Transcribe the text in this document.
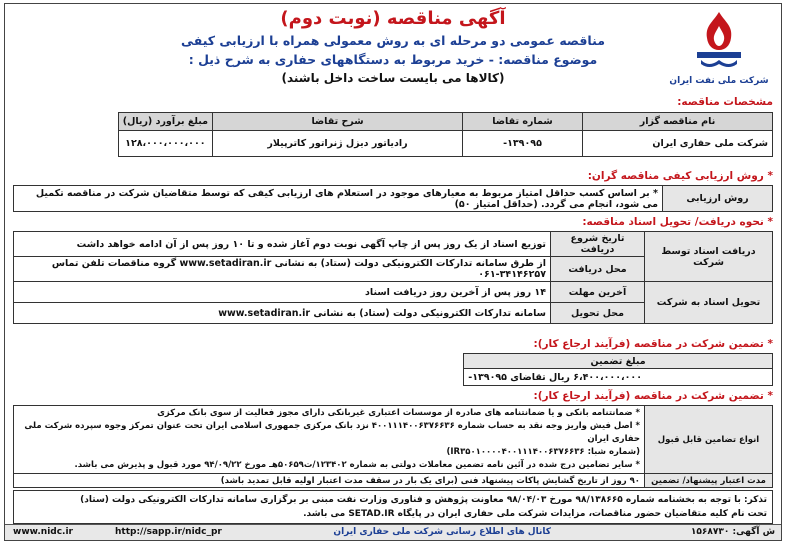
شرکت ملی نفت ایران
آگهی مناقصه (نوبت دوم)
مناقصه عمومی دو مرحله ای به روش معمولی همراه با ارزیابی کیفی
موضوع مناقصه: - خرید مربوط به دستگاههای حفاری به شرح ذیل :
(کالاها می بایست ساخت داخل باشند)
مشخصات مناقصه:
نام مناقصه گزار	شماره تقاضا	شرح تقاضا	مبلغ برآورد (ریال)
شرکت ملی حفاری ایران	۱۳۹۰۹۵-	رادیاتور دیزل ژنراتور کاترپیلار	۱۲۸،۰۰۰،۰۰۰،۰۰۰
* روش ارزیابی کیفی مناقصه گران:
روش ارزیابی	* بر اساس کسب حداقل امتیاز مربوط به معیارهای موجود در استعلام های ارزیابی کیفی که توسط متقاضیان شرکت در مناقصه تکمیل می شود، انجام می گردد. (حداقل امتیاز ۵۰)
* نحوه دریافت/ تحویل اسناد مناقصه:
دریافت اسناد توسط شرکت	تاریخ شروع دریافت	توزیع اسناد از یک روز پس از چاپ آگهی نوبت دوم آغاز شده و تا ۱۰ روز پس از آن ادامه خواهد داشت
	محل دریافت	از طرق سامانه تدارکات الکترونیکی دولت (ستاد) به نشانی www.setadiran.ir گروه مناقصات تلفن تماس ۳۴۱۴۶۲۵۷-۰۶۱
تحویل اسناد به شرکت	آخرین مهلت	۱۴ روز پس از آخرین روز دریافت اسناد
	محل تحویل	سامانه تدارکات الکترونیکی دولت (ستاد) به نشانی www.setadiran.ir
* تضمین شرکت در مناقصه (فرآیند ارجاع کار):
مبلغ تضمین
۶،۴۰۰،۰۰۰،۰۰۰ ریال تقاضای ۱۳۹۰۹۵-
* تضمین شرکت در مناقصه (فرآیند ارجاع کار):
انواع تضامین قابل قبول	* ضمانتنامه بانکی و یا ضمانتنامه های صادره از موسسات اعتباری غیربانکی دارای مجوز فعالیت از سوی بانک مرکزی
* اصل فیش واریز وجه نقد به حساب شماره ۴۰۰۱۱۱۴۰۰۶۳۷۶۶۳۶ نزد بانک مرکزی جمهوری اسلامی ایران تحت عنوان تمرکز وجوه سپرده شرکت ملی حفاری ایران
(شماره شبا: IR۳۵۰۱۰۰۰۰۴۰۰۱۱۱۴۰۰۶۳۷۶۶۳۶)
* سایر تضامین درج شده در آئین نامه تضمین معاملات دولتی به شماره ۱۲۳۴۰۲/ت۵۰۶۵۹هـ مورخ ۹۴/۰۹/۲۲ مورد قبول و پذیرش می باشد.

مدت اعتبار پیشنهاد/ تضمین	۹۰ روز از تاریخ گشایش پاکات پیشنهاد فنی (برای یک بار در سقف مدت اعتبار اولیه قابل تمدید باشد)
تذکر: با توجه به بخشنامه شماره ۹۸/۱۳۸۶۶۵ مورخ ۹۸/۰۴/۰۳ معاونت پژوهش و فناوری وزارت نفت مبنی بر برگزاری سامانه تدارکات الکترونیکی دولت (ستاد)
تحت نام کلیه متقاضیان حضور مناقصات، مزایدات شرکت ملی حفاری ایران در پایگاه SETAD.IR می باشد.
ش آگهی: ۱۵۶۸۷۳۰
کانال های اطلاع رسانی شرکت ملی حفاری ایران
http://sapp.ir/nidc_pr
www.nidc.ir
